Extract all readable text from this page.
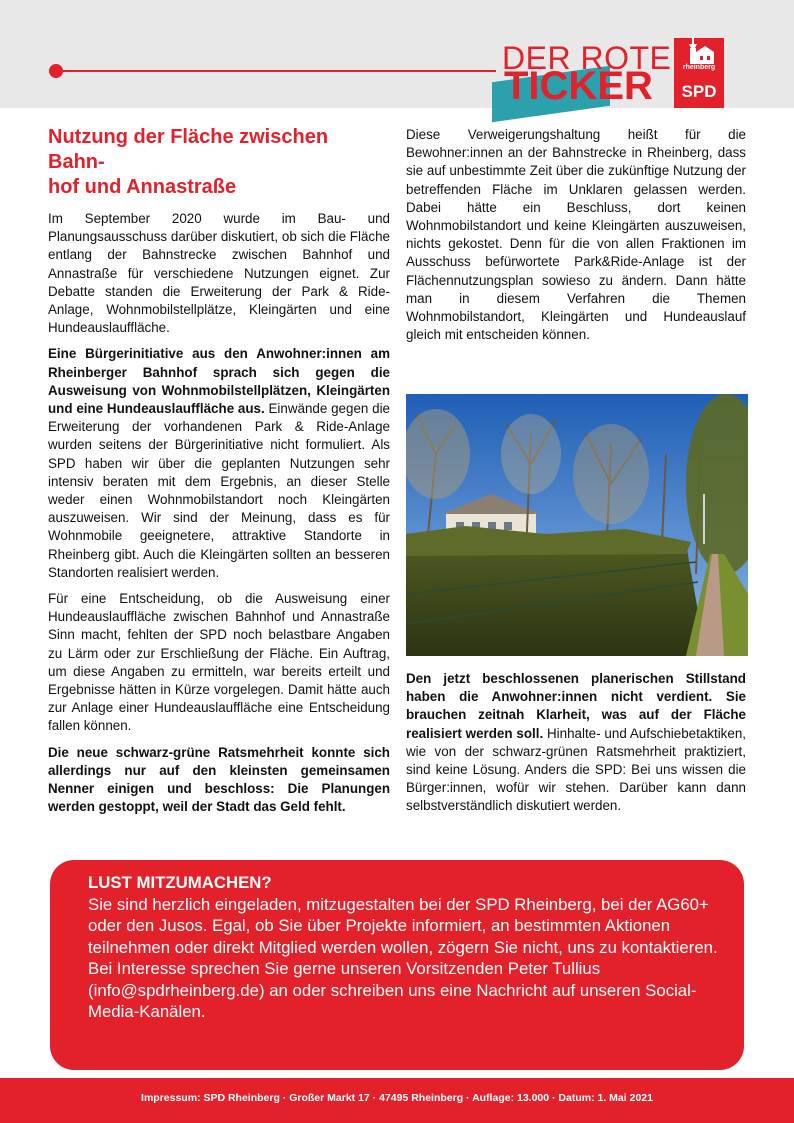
DER ROTE
TICKER	rheinberg
SPD
Nutzung der Fläche zwischen Bahn-
hof und Annastraße

Im September 2020 wurde im Bau- und Planungsausschuss darüber diskutiert, ob sich die Fläche entlang der Bahnstrecke zwischen Bahnhof und Annastraße für verschiedene Nutzungen eignet. Zur Debatte standen die Erweiterung der Park & Ride-Anlage, Wohnmobilstellplätze, Kleingärten und eine Hundeauslauffläche.

Eine Bürgerinitiative aus den Anwohner:innen am Rheinberger Bahnhof sprach sich gegen die Ausweisung von Wohnmobilstellplätzen, Kleingärten und eine Hundeauslauffläche aus. Einwände gegen die Erweiterung der vorhandenen Park & Ride-Anlage wurden seitens der Bürgerinitiative nicht formuliert. Als SPD haben wir über die geplanten Nutzungen sehr intensiv beraten mit dem Ergebnis, an dieser Stelle weder einen Wohnmobilstandort noch Kleingärten auszuweisen. Wir sind der Meinung, dass es für Wohnmobile geeignetere, attraktive Standorte in Rheinberg gibt. Auch die Kleingärten sollten an besseren Standorten realisiert werden.

Für eine Entscheidung, ob die Ausweisung einer Hundeauslauffläche zwischen Bahnhof und Annastraße Sinn macht, fehlten der SPD noch belastbare Angaben zu Lärm oder zur Erschließung der Fläche. Ein Auftrag, um diese Angaben zu ermitteln, war bereits erteilt und Ergebnisse hätten in Kürze vorgelegen. Damit hätte auch zur Anlage einer Hundeauslauffläche eine Entscheidung fallen können.

Die neue schwarz-grüne Ratsmehrheit konnte sich allerdings nur auf den kleinsten gemeinsamen Nenner einigen und beschloss: Die Planungen werden gestoppt, weil der Stadt das Geld fehlt.

Diese Verweigerungshaltung heißt für die Bewohner:innen an der Bahnstrecke in Rheinberg, dass sie auf unbestimmte Zeit über die zukünftige Nutzung der betreffenden Fläche im Unklaren gelassen werden. Dabei hätte ein Beschluss, dort keinen Wohnmobilstandort und keine Kleingärten auszuweisen, nichts gekostet. Denn für die von allen Fraktionen im Ausschuss befürwortete Park&Ride-Anlage ist der Flächennutzungsplan sowieso zu ändern. Dann hätte man in diesem Verfahren die Themen Wohnmobilstandort, Kleingärten und Hundeauslauf gleich mit entscheiden können.

Den jetzt beschlossenen planerischen Stillstand haben die Anwohner:innen nicht verdient. Sie brauchen zeitnah Klarheit, was auf der Fläche realisiert werden soll. Hinhalte- und Aufschiebetaktiken, wie von der schwarz-grünen Ratsmehrheit praktiziert, sind keine Lösung. Anders die SPD: Bei uns wissen die Bürger:innen, wofür wir stehen. Darüber kann dann selbstverständlich diskutiert werden.

LUST MITZUMACHEN?

Sie sind herzlich eingeladen, mitzugestalten bei der SPD Rheinberg, bei der AG60+ oder den Jusos. Egal, ob Sie über Projekte informiert, an bestimmten Aktionen teilnehmen oder direkt Mitglied werden wollen, zögern Sie nicht, uns zu kontaktieren.

Bei Interesse sprechen Sie gerne unseren Vorsitzenden Peter Tullius (info@spdrheinberg.de) an oder schreiben uns eine Nachricht auf unseren Social-Media-Kanälen.

Impressum: SPD Rheinberg · Großer Markt 17 · 47495 Rheinberg · Auflage: 13.000 · Datum: 1. Mai 2021
